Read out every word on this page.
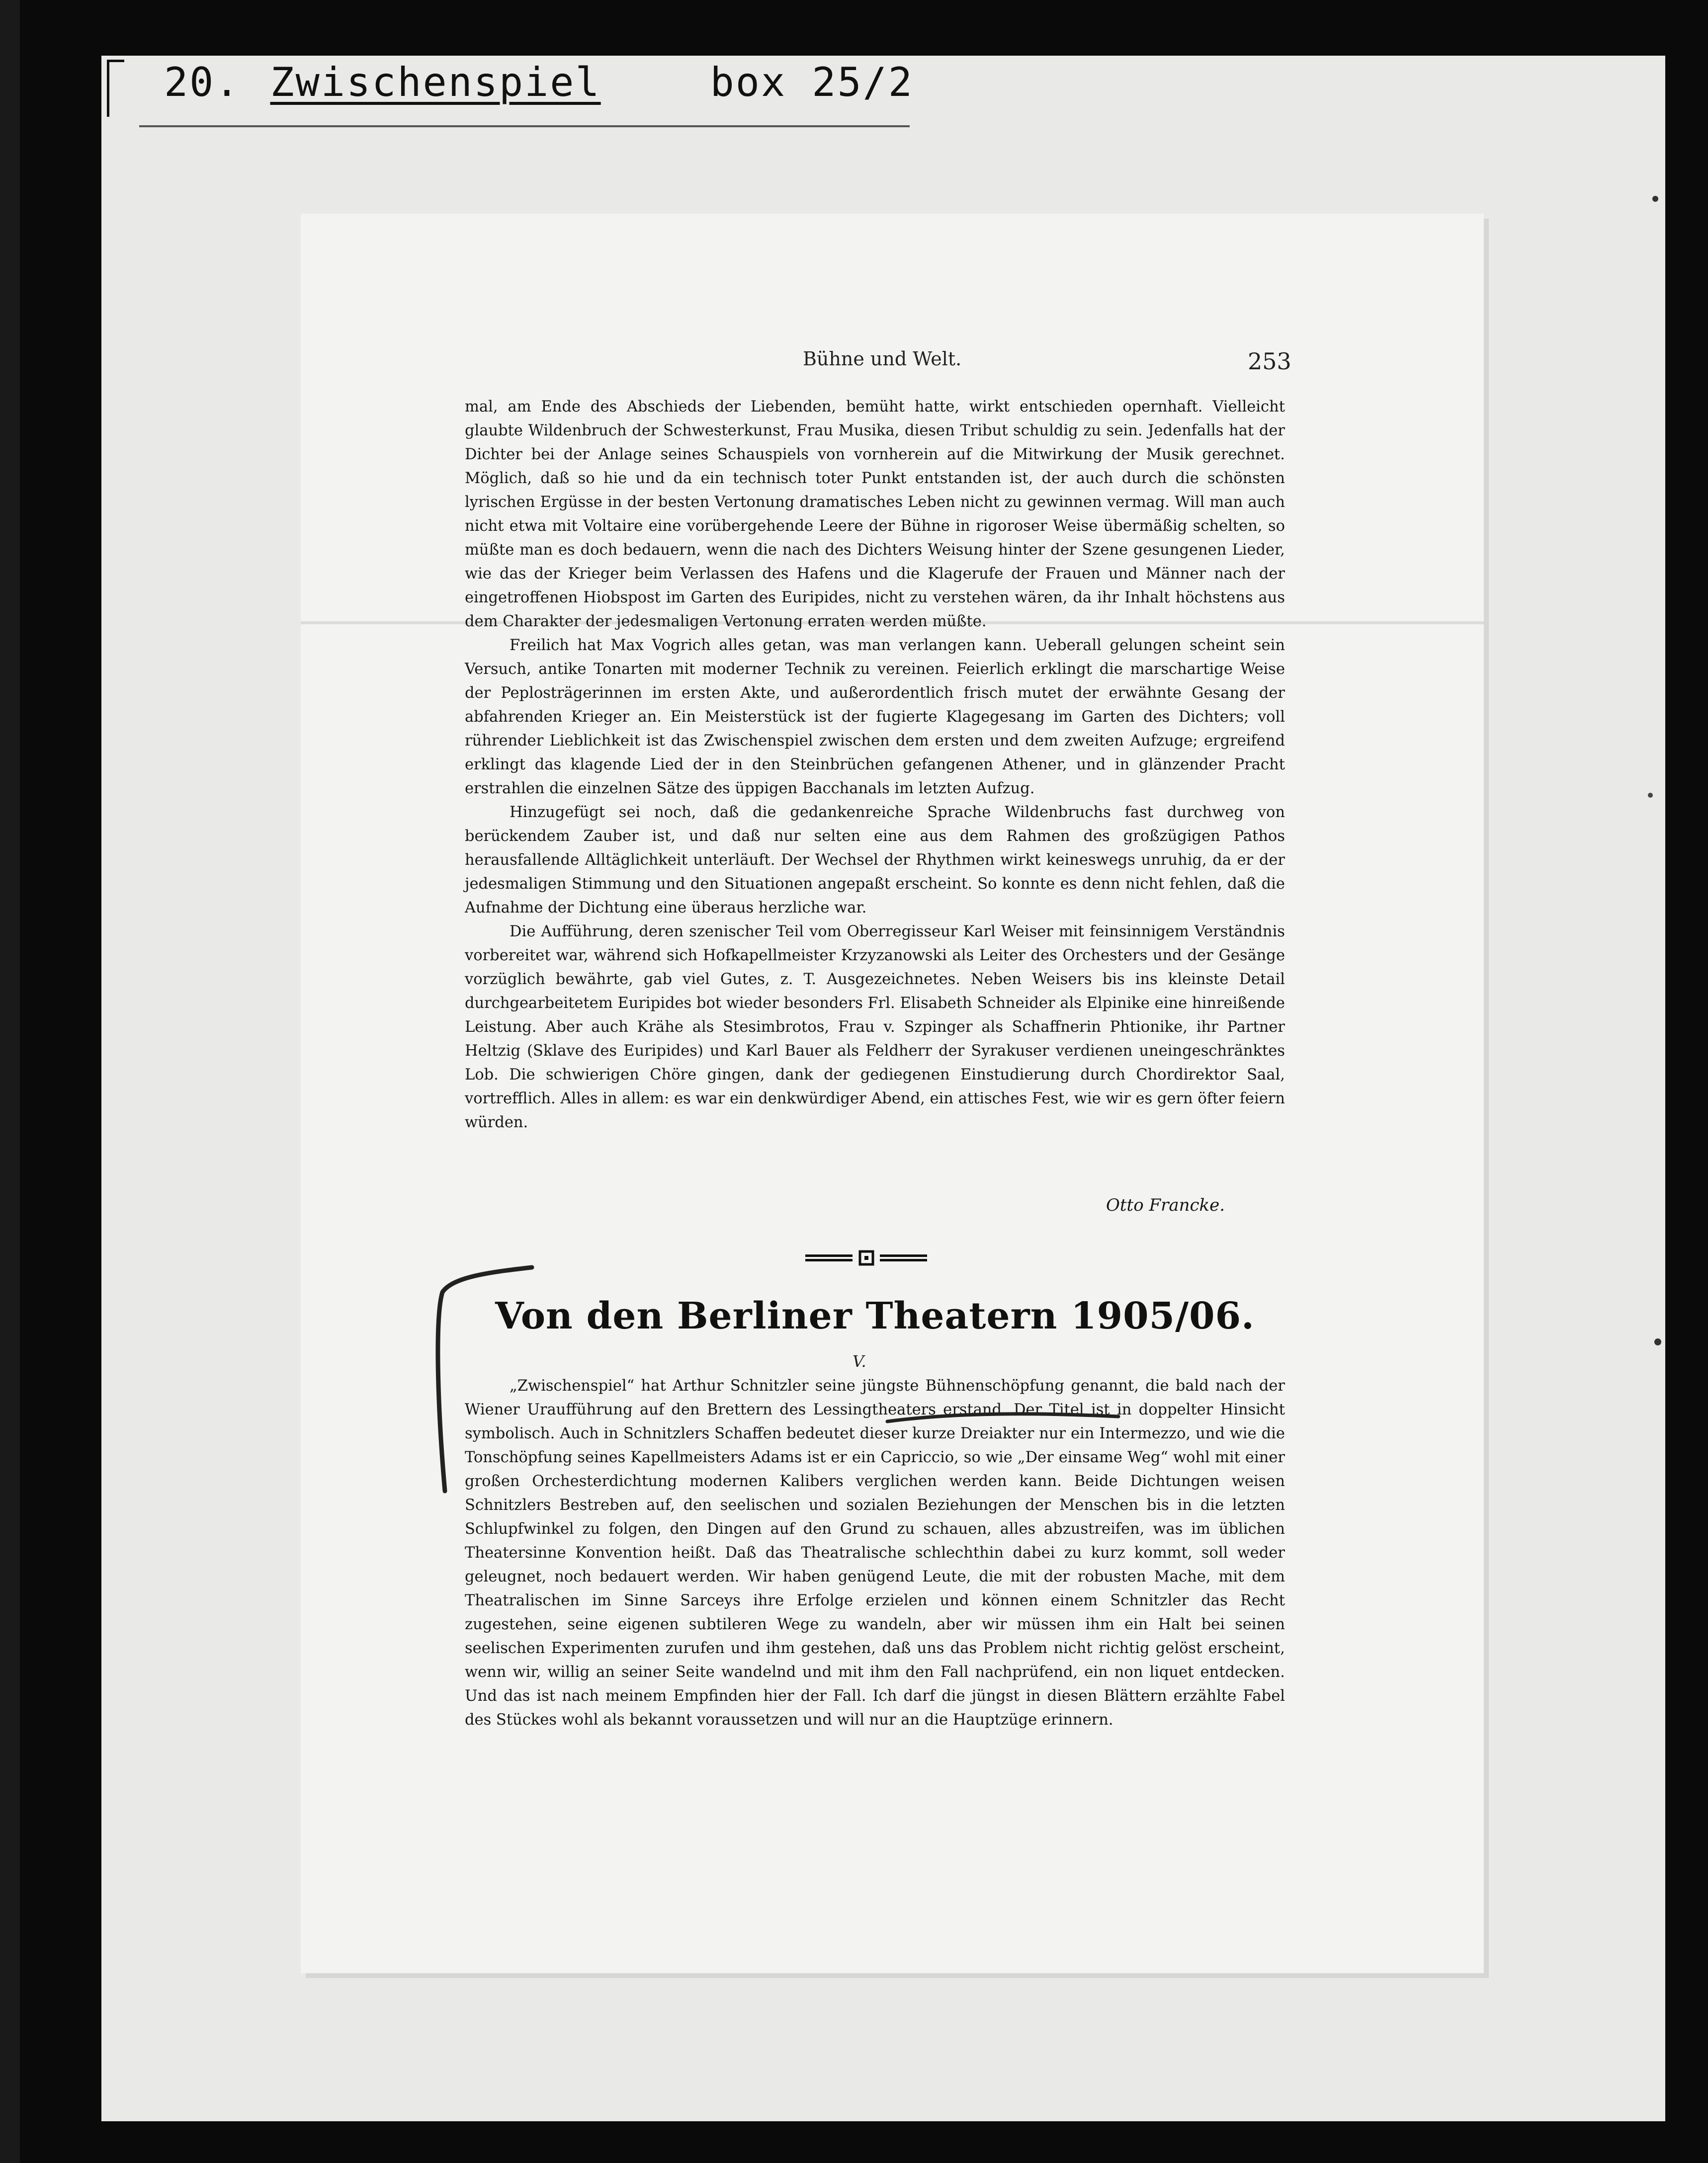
20. Zwischenspiel	box 25/2
Bühne und Welt.	253

mal, am Ende des Abschieds der Liebenden, bemüht hatte, wirkt entschieden opernhaft. Vielleicht glaubte Wildenbruch der Schwesterkunst, Frau Musika, diesen Tribut schuldig zu sein. Jedenfalls hat der Dichter bei der Anlage seines Schauspiels von vornherein auf die Mitwirkung der Musik gerechnet. Möglich, daß so hie und da ein technisch toter Punkt entstanden ist, der auch durch die schönsten lyrischen Ergüsse in der besten Vertonung dramatisches Leben nicht zu gewinnen vermag. Will man auch nicht etwa mit Voltaire eine vorübergehende Leere der Bühne in rigoroser Weise übermäßig schelten, so müßte man es doch bedauern, wenn die nach des Dichters Weisung hinter der Szene gesungenen Lieder, wie das der Krieger beim Verlassen des Hafens und die Klagerufe der Frauen und Männer nach der eingetroffenen Hiobspost im Garten des Euripides, nicht zu verstehen wären, da ihr Inhalt höchstens aus dem Charakter der jedesmaligen Vertonung erraten werden müßte.

Freilich hat Max Vogrich alles getan, was man verlangen kann. Ueberall gelungen scheint sein Versuch, antike Tonarten mit moderner Technik zu vereinen. Feierlich erklingt die marschartige Weise der Peplosträgerinnen im ersten Akte, und außerordentlich frisch mutet der erwähnte Gesang der abfahrenden Krieger an. Ein Meisterstück ist der fugierte Klagegesang im Garten des Dichters; voll rührender Lieblichkeit ist das Zwischenspiel zwischen dem ersten und dem zweiten Aufzuge; ergreifend erklingt das klagende Lied der in den Steinbrüchen gefangenen Athener, und in glänzender Pracht erstrahlen die einzelnen Sätze des üppigen Bacchanals im letzten Aufzug.

Hinzugefügt sei noch, daß die gedankenreiche Sprache Wildenbruchs fast durchweg von berückendem Zauber ist, und daß nur selten eine aus dem Rahmen des großzügigen Pathos herausfallende Alltäglichkeit unterläuft. Der Wechsel der Rhythmen wirkt keineswegs unruhig, da er der jedesmaligen Stimmung und den Situationen angepaßt erscheint. So konnte es denn nicht fehlen, daß die Aufnahme der Dichtung eine überaus herzliche war.

Die Aufführung, deren szenischer Teil vom Oberregisseur Karl Weiser mit feinsinnigem Verständnis vorbereitet war, während sich Hofkapellmeister Krzyzanowski als Leiter des Orchesters und der Gesänge vorzüglich bewährte, gab viel Gutes, z. T. Ausgezeichnetes. Neben Weisers bis ins kleinste Detail durchgearbeitetem Euripides bot wieder besonders Frl. Elisabeth Schneider als Elpinike eine hinreißende Leistung. Aber auch Krähe als Stesimbrotos, Frau v. Szpinger als Schaffnerin Phtionike, ihr Partner Heltzig (Sklave des Euripides) und Karl Bauer als Feldherr der Syrakuser verdienen uneingeschränktes Lob. Die schwierigen Chöre gingen, dank der gediegenen Einstudierung durch Chordirektor Saal, vortrefflich. Alles in allem: es war ein denkwürdiger Abend, ein attisches Fest, wie wir es gern öfter feiern würden.

Otto Francke.
Von den Berliner Theatern 1905/06.
V.

„Zwischenspiel“ hat Arthur Schnitzler seine jüngste Bühnenschöpfung genannt, die bald nach der Wiener Uraufführung auf den Brettern des Lessingtheaters erstand. Der Titel ist in doppelter Hinsicht symbolisch. Auch in Schnitzlers Schaffen bedeutet dieser kurze Dreiakter nur ein Intermezzo, und wie die Tonschöpfung seines Kapellmeisters Adams ist er ein Capriccio, so wie „Der einsame Weg“ wohl mit einer großen Orchesterdichtung modernen Kalibers verglichen werden kann. Beide Dichtungen weisen Schnitzlers Bestreben auf, den seelischen und sozialen Beziehungen der Menschen bis in die letzten Schlupfwinkel zu folgen, den Dingen auf den Grund zu schauen, alles abzustreifen, was im üblichen Theatersinne Konvention heißt. Daß das Theatralische schlechthin dabei zu kurz kommt, soll weder geleugnet, noch bedauert werden. Wir haben genügend Leute, die mit der robusten Mache, mit dem Theatralischen im Sinne Sarceys ihre Erfolge erzielen und können einem Schnitzler das Recht zugestehen, seine eigenen subtileren Wege zu wandeln, aber wir müssen ihm ein Halt bei seinen seelischen Experimenten zurufen und ihm gestehen, daß uns das Problem nicht richtig gelöst erscheint, wenn wir, willig an seiner Seite wandelnd und mit ihm den Fall nachprüfend, ein non liquet entdecken. Und das ist nach meinem Empfinden hier der Fall. Ich darf die jüngst in diesen Blättern erzählte Fabel des Stückes wohl als bekannt voraussetzen und will nur an die Hauptzüge erinnern.
